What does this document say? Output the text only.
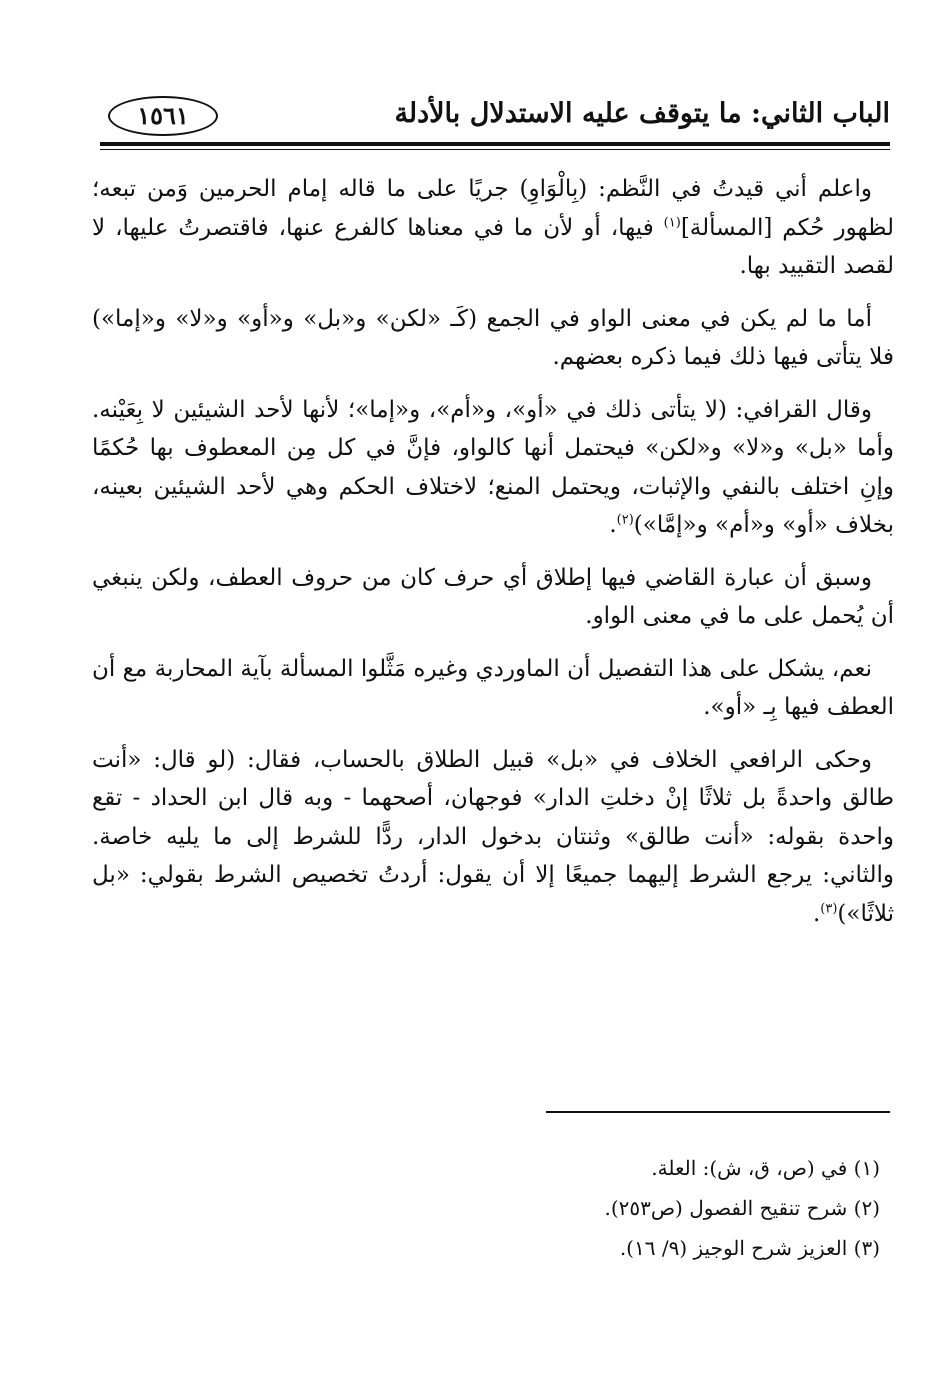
الباب الثاني: ما يتوقف عليه الاستدلال بالأدلة
١٥٦١

واعلم أني قيدتُ في النَّظم: (بِالْوَاوِ) جريًا على ما قاله إمام الحرمين وَمن تبعه؛ لظهور حُكم [المسألة]$^{(١)}$ فيها، أو لأن ما في معناها كالفرع عنها، فاقتصرتُ عليها، لا لقصد التقييد بها.

أما ما لم يكن في معنى الواو في الجمع (كَـ «لكن» و«بل» و«أو» و«لا» و«إما») فلا يتأتى فيها ذلك فيما ذكره بعضهم.

وقال القرافي: (لا يتأتى ذلك في «أو»، و«أم»، و«إما»؛ لأنها لأحد الشيئين لا بِعَيْنه. وأما «بل» و«لا» و«لكن» فيحتمل أنها كالواو، فإنَّ في كل مِن المعطوف بها حُكمًا وإنِ اختلف بالنفي والإثبات، ويحتمل المنع؛ لاختلاف الحكم وهي لأحد الشيئين بعينه، بخلاف «أو» و«أم» و«إمَّا»)$^{(٢)}$.

وسبق أن عبارة القاضي فيها إطلاق أي حرف كان من حروف العطف، ولكن ينبغي أن يُحمل على ما في معنى الواو.

نعم، يشكل على هذا التفصيل أن الماوردي وغيره مَثَّلوا المسألة بآية المحاربة مع أن العطف فيها بِـ «أو».

وحكى الرافعي الخلاف في «بل» قبيل الطلاق بالحساب، فقال: (لو قال: «أنت طالق واحدةً بل ثلاثًا إنْ دخلتِ الدار» فوجهان، أصحهما - وبه قال ابن الحداد - تقع واحدة بقوله: «أنت طالق» وثنتان بدخول الدار، ردًّا للشرط إلى ما يليه خاصة. والثاني: يرجع الشرط إليهما جميعًا إلا أن يقول: أردتُ تخصيص الشرط بقولي: «بل ثلاثًا»)$^{(٣)}$.

(١) في (ص، ق، ش): العلة.

(٢) شرح تنقيح الفصول (ص٢٥٣).

(٣) العزيز شرح الوجيز (٩/ ١٦).
